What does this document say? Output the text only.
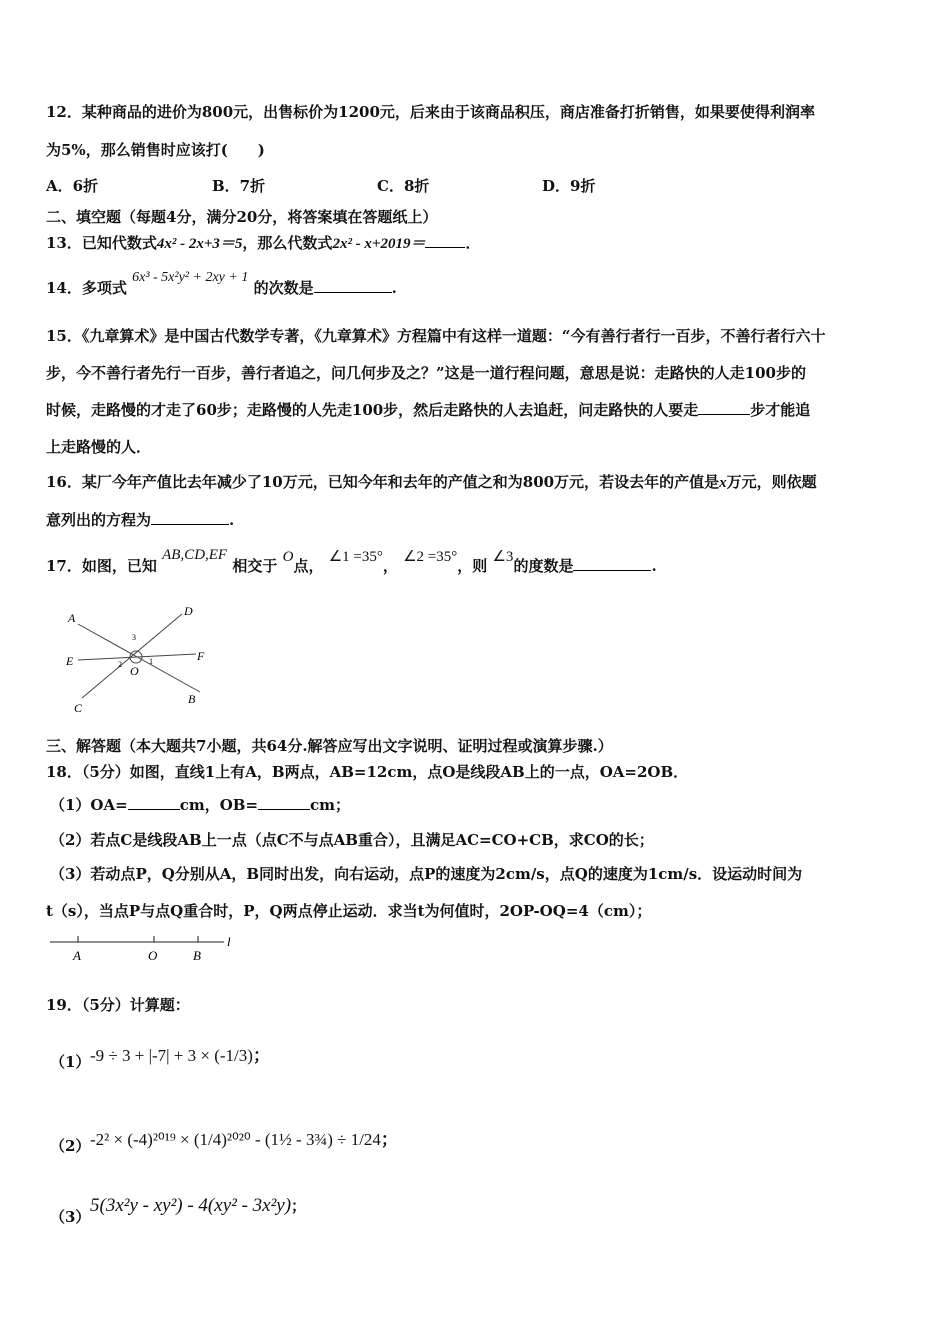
12．某种商品的进价为800元，出售标价为1200元，后来由于该商品积压，商店准备打折销售，如果要使得利润率
为5%，那么销售时应该打(　　)
A．6折	B．7折	C．8折	D．9折
二、填空题（每题4分，满分20分，将答案填在答题纸上）
13．已知代数式4x² - 2x+3＝5，那么代数式2x² - x+2019＝	．
14．多项式 6x³ - 5x²y² + 2xy + 1 的次数是	.
15．《九章算术》是中国古代数学专著，《九章算术》方程篇中有这样一道题：“今有善行者行一百步，不善行者行六十
步，今不善行者先行一百步，善行者追之，问几何步及之？”这是一道行程问题，意思是说：走路快的人走100步的
时候，走路慢的才走了60步；走路慢的人先走100步，然后走路快的人去追赶，问走路快的人要走	步才能追
上走路慢的人．
16．某厂今年产值比去年减少了10万元，已知今年和去年的产值之和为800万元，若设去年的产值是x万元，则依题
意列出的方程为	.
17．如图，已知 AB,CD,EF 相交于 O点， ∠1 =35°， ∠2 =35°，则 ∠3的度数是	.
A	D
E	F
C
B
O
1
2
3
三、解答题（本大题共7小题，共64分.解答应写出文字说明、证明过程或演算步骤.）
18．（5分）如图，直线1上有A，B两点，AB=12cm，点O是线段AB上的一点，OA=2OB．
（1）OA=	cm，OB=	cm；
（2）若点C是线段AB上一点（点C不与点AB重合），且满足AC=CO+CB，求CO的长；
（3）若动点P，Q分别从A，B同时出发，向右运动，点P的速度为2cm/s，点Q的速度为1cm/s．设运动时间为
t（s），当点P与点Q重合时，P，Q两点停止运动．求当t为何值时，2OP-OQ=4（cm）；
A	O	B
l
19．（5分）计算题：
（1） -9 ÷ 3 + |-7| + 3 × (-1/3)；
（2） -2² × (-4)²⁰¹⁹ × (1/4)²⁰²⁰ - (1½ - 3¾) ÷ 1/24；
（3）
5(3x²y - xy²) - 4(xy² - 3x²y)；
